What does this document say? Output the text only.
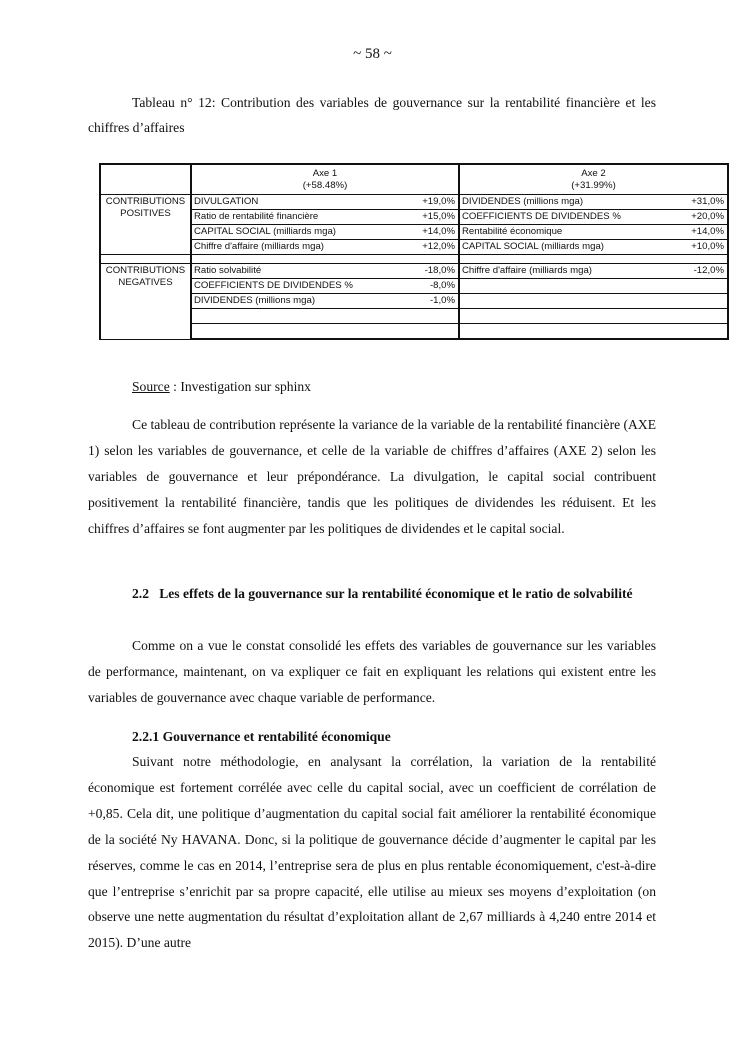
~ 58 ~
Tableau n° 12: Contribution des variables de gouvernance sur la rentabilité financière et les chiffres d’affaires
	Axe 1
(+58.48%)		Axe 2
(+31.99%)	
CONTRIBUTIONS
POSITIVES	DIVULGATION	+19,0%	DIVIDENDES (millions mga)	+31,0%
	Ratio de rentabilité financière	+15,0%	COEFFICIENTS DE DIVIDENDES %	+20,0%
	CAPITAL SOCIAL (milliards mga)	+14,0%	Rentabilité économique	+14,0%
	Chiffre d'affaire (milliards mga)	+12,0%	CAPITAL SOCIAL (milliards mga)	+10,0%

CONTRIBUTIONS
NEGATIVES	Ratio solvabilité	-18,0%	Chiffre d'affaire (milliards mga)	-12,0%
	COEFFICIENTS DE DIVIDENDES %	-8,0%		
	DIVIDENDES (millions mga)	-1,0%		

Source : Investigation sur sphinx

Ce tableau de contribution représente la variance de la variable de la rentabilité financière (AXE 1) selon les variables de gouvernance, et celle de la variable de chiffres d’affaires (AXE 2) selon les variables de gouvernance et leur prépondérance. La divulgation, le capital social contribuent positivement la rentabilité financière, tandis que les politiques de dividendes les réduisent. Et les chiffres d’affaires se font augmenter par les politiques de dividendes et le capital social.

2.2 Les effets de la gouvernance sur la rentabilité économique et le ratio de solvabilité

Comme on a vue le constat consolidé les effets des variables de gouvernance sur les variables de performance, maintenant, on va expliquer ce fait en expliquant les relations qui existent entre les variables de gouvernance avec chaque variable de performance.

2.2.1 Gouvernance et rentabilité économique

Suivant notre méthodologie, en analysant la corrélation, la variation de la rentabilité économique est fortement corrélée avec celle du capital social, avec un coefficient de corrélation de +0,85. Cela dit, une politique d’augmentation du capital social fait améliorer la rentabilité économique de la société Ny HAVANA. Donc, si la politique de gouvernance décide d’augmenter le capital par les réserves, comme le cas en 2014, l’entreprise sera de plus en plus rentable économiquement, c'est-à-dire que l’entreprise s’enrichit par sa propre capacité, elle utilise au mieux ses moyens d’exploitation (on observe une nette augmentation du résultat d’exploitation allant de 2,67 milliards à 4,240 entre 2014 et 2015). D’une autre
